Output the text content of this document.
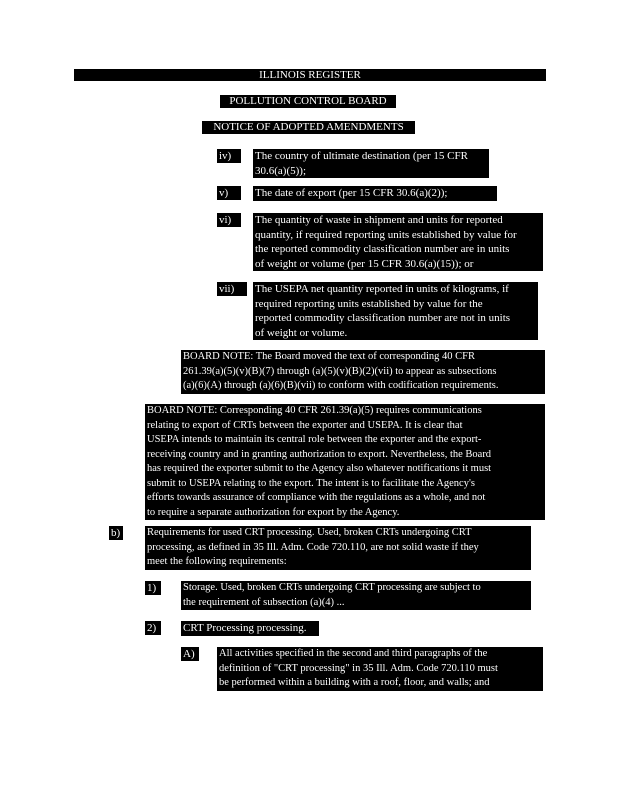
ILLINOIS REGISTER
POLLUTION CONTROL BOARD
NOTICE OF ADOPTED AMENDMENTS
iv)	The country of ultimate destination (per 15 CFR
30.6(a)(5));
v)	The date of export (per 15 CFR 30.6(a)(2));
vi)	The quantity of waste in shipment and units for reported
quantity, if required reporting units established by value for
the reported commodity classification number are in units
of weight or volume (per 15 CFR 30.6(a)(15)); or
vii)	The USEPA net quantity reported in units of kilograms, if
required reporting units established by value for the
reported commodity classification number are not in units
of weight or volume.
BOARD NOTE: The Board moved the text of corresponding 40 CFR
261.39(a)(5)(v)(B)(7) through (a)(5)(v)(B)(2)(vii) to appear as subsections
(a)(6)(A) through (a)(6)(B)(vii) to conform with codification requirements.
BOARD NOTE: Corresponding 40 CFR 261.39(a)(5) requires communications
relating to export of CRTs between the exporter and USEPA. It is clear that
USEPA intends to maintain its central role between the exporter and the export-
receiving country and in granting authorization to export. Nevertheless, the Board
has required the exporter submit to the Agency also whatever notifications it must
submit to USEPA relating to the export. The intent is to facilitate the Agency's
efforts towards assurance of compliance with the regulations as a whole, and not
to require a separate authorization for export by the Agency.
b)	Requirements for used CRT processing. Used, broken CRTs undergoing CRT
processing, as defined in 35 Ill. Adm. Code 720.110, are not solid waste if they
meet the following requirements:
1)	Storage. Used, broken CRTs undergoing CRT processing are subject to
the requirement of subsection (a)(4) ...
2)	CRT Processing processing.
A)	All activities specified in the second and third paragraphs of the
definition of "CRT processing" in 35 Ill. Adm. Code 720.110 must
be performed within a building with a roof, floor, and walls; and
